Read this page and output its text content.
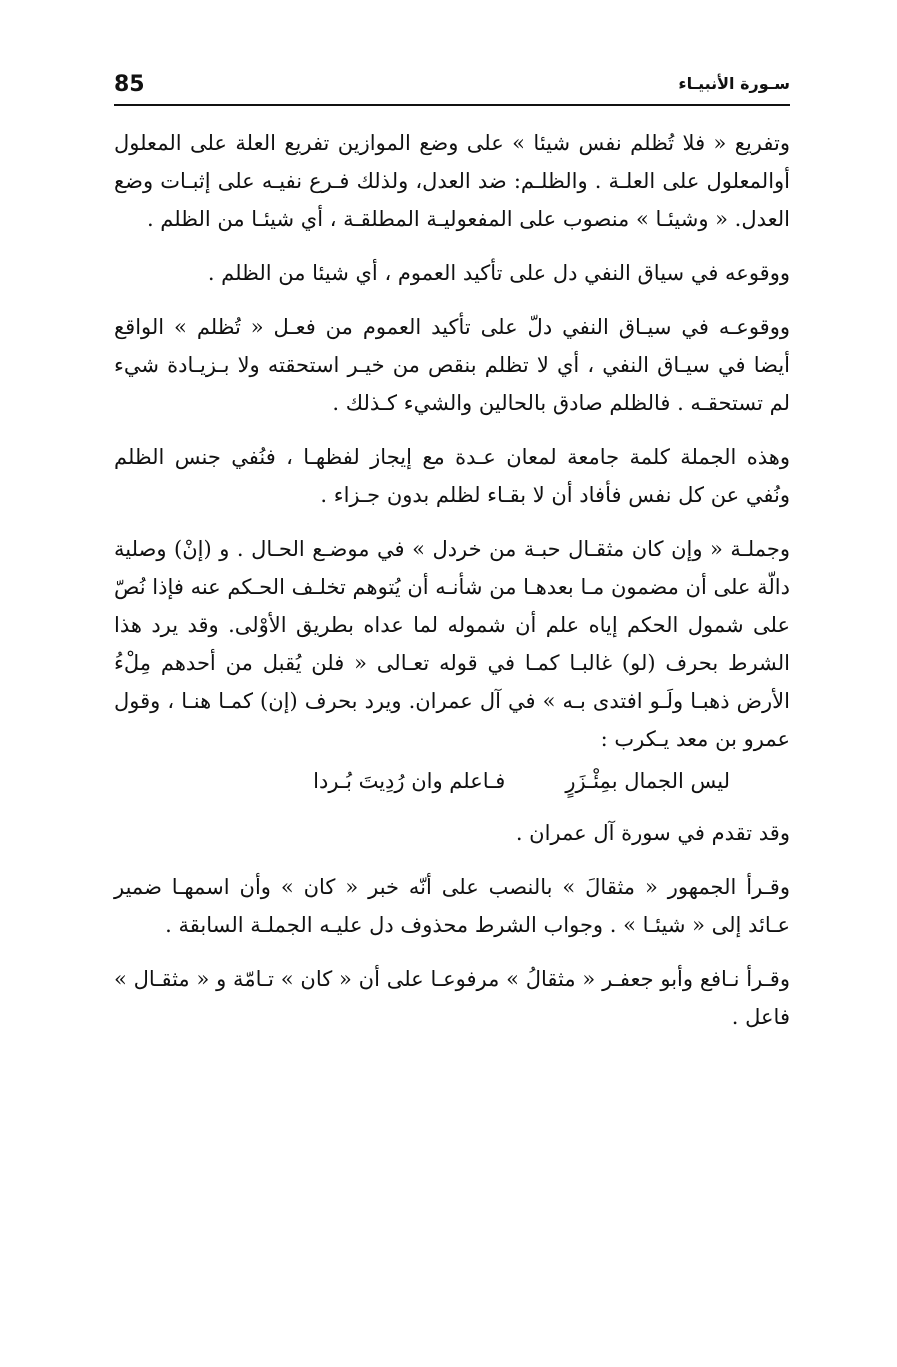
85	سـورة الأنبيـاء

وتفريع « فلا تُظلم نفس شيئا » على وضع الموازين تفريع العلة على المعلول أوالمعلول على العلـة . والظلـم: ضد العدل، ولذلك فـرع نفيـه على إثبـات وضع العدل. « وشيئـا » منصوب على المفعوليـة المطلقـة ، أي شيئـا من الظلم .

ووقوعه في سياق النفي دل على تأكيد العموم ، أي شيئا ‌من الظلم .

ووقوعـه في سيـاق النفي دلّ على تأكيد العموم من فعـل « تُظلم » الواقع أيضا في سيـاق النفي ، أي لا تظلم بنقص من خيـر استحقته ولا بـزيـادة شيء لم تستحقـه . فالظلم صادق بالحالين والشيء كـذلك .

وهذه الجملة كلمة جامعة لمعان عـدة مع إيجاز لفظهـا ، فنُفي جنس الظلم ونُفي عن كل نفس فأفاد أن لا بقـاء لظلم بدون جـزاء .

وجملـة « وإن كان مثقـال حبـة من خردل » في موضـع الحـال . و (إنْ) وصلية دالّة على أن مضمون مـا بعدهـا من شأنـه أن يُتوهم تخلـف الحـكم عنه فإذا نُصّ على شمول الحكم إياه علم أن شموله لما عداه بطريق الأوْلى. وقد يرد هذا الشرط بحرف (لو) غالبـا كمـا في قوله تعـالى « فلن يُقبل من أحدهم مِلْءُ الأرض ذهبـا ولَـو افتدى بـه » في آل عمران. ويرد بحرف (إن) كمـا هنـا ، وقول عمرو بن معد يـكرب :

ليس الجمال بمِئْـزَرٍ
فـاعلم وان رُدِيتَ بُـردا

وقد تقدم في سورة آل عمران .

وقـرأ الجمهور « مثقالَ » بالنصب على أنّه خبر « كان » وأن اسمهـا ضمير عـائد إلى « شيئـا » . وجواب الشرط محذوف دل عليـه الجملـة السابقة .

وقـرأ نـافع وأبو جعفـر « مثقالُ » مرفوعـا على أن « كان » تـامّة و « مثقـال » فاعل .
